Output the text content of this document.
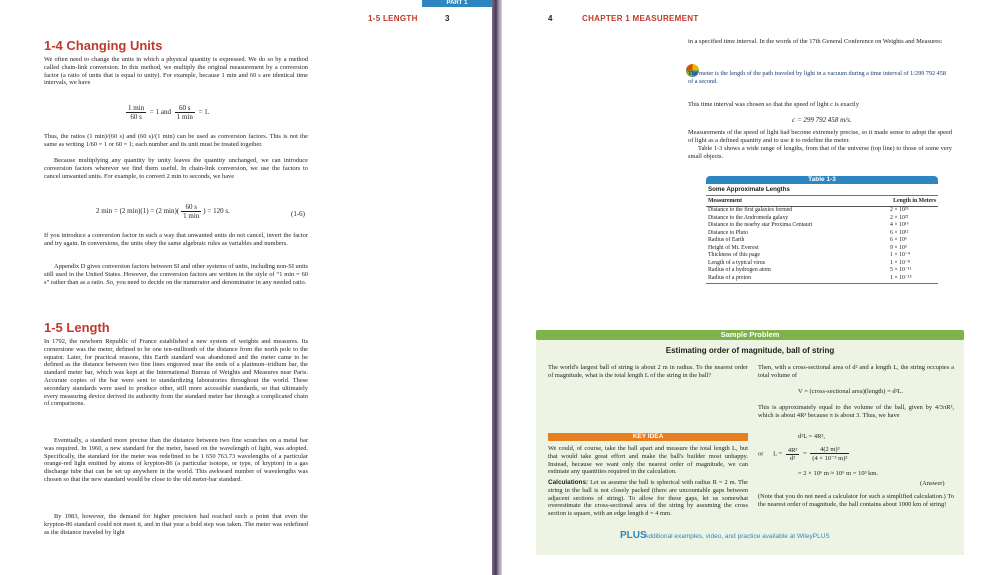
PART 1
1-5 LENGTH	3
1-4 Changing Units
We often need to change the units in which a physical quantity is expressed. We do so by a method called chain-link conversion. In this method, we multiply the original measurement by a conversion factor (a ratio of units that is equal to unity). For example, because 1 min and 60 s are identical time intervals, we have
$\frac{1 \min}{60 s} = 1$ and $\frac{60 s}{1 \min} = 1$.
Thus, the ratios (1 min)/(60 s) and (60 s)/(1 min) can be used as conversion factors. This is not the same as writing 1/60 = 1 or 60 = 1; each number and its unit must be treated together.
Because multiplying any quantity by unity leaves the quantity unchanged, we can introduce conversion factors wherever we find them useful. In chain-link conversion, we use the factors to cancel unwanted units. For example, to convert 2 min to seconds, we have
2 min = (2 min)(1) = (2 $\min)( \frac{60 s}{1 \min}$ ) = 120 s.	(1-6)
If you introduce a conversion factor in such a way that unwanted units do not cancel, invert the factor and try again. In conversions, the units obey the same algebraic rules as variables and numbers.
Appendix D gives conversion factors between SI and other systems of units, including non-SI units still used in the United States. However, the conversion factors are written in the style of “1 min = 60 s” rather than as a ratio. So, you need to decide on the numerator and denominator in any needed ratio.
1-5 Length
In 1792, the newborn Republic of France established a new system of weights and measures. Its cornerstone was the meter, defined to be one ten-millionth of the distance from the north pole to the equator. Later, for practical reasons, this Earth standard was abandoned and the meter came to be defined as the distance between two fine lines engraved near the ends of a platinum–iridium bar, the standard meter bar, which was kept at the International Bureau of Weights and Measures near Paris. Accurate copies of the bar were sent to standardizing laboratories throughout the world. These secondary standards were used to produce other, still more accessible standards, so that ultimately every measuring device derived its authority from the standard meter bar through a complicated chain of comparisons.
Eventually, a standard more precise than the distance between two fine scratches on a metal bar was required. In 1960, a new standard for the meter, based on the wavelength of light, was adopted. Specifically, the standard for the meter was redefined to be 1 650 763.73 wavelengths of a particular orange-red light emitted by atoms of krypton-86 (a particular isotope, or type, of krypton) in a gas discharge tube that can be set up anywhere in the world. This awkward number of wavelengths was chosen so that the new standard would be close to the old meter-bar standard.
By 1983, however, the demand for higher precision had reached such a point that even the krypton-86 standard could not meet it, and in that year a bold step was taken. The meter was redefined as the distance traveled by light
4	CHAPTER 1 MEASUREMENT
in a specified time interval. In the words of the 17th General Conference on Weights and Measures:
The meter is the length of the path traveled by light in a vacuum during a time interval of 1/299 792 458 of a second.
This time interval was chosen so that the speed of light c is exactly
c = 299 792 458 m/s.
Measurements of the speed of light had become extremely precise, so it made sense to adopt the speed of light as a defined quantity and to use it to redefine the meter.
Table 1-3 shows a wide range of lengths, from that of the universe (top line) to those of some very small objects.
Table 1-3
Some Approximate Lengths
Measurement	Length in Meters
Distance to the first galaxies formed	2 × 10²⁶
Distance to the Andromeda galaxy	2 × 10²²
Distance to the nearby star Proxima Centauri	4 × 10¹⁶
Distance to Pluto	6 × 10¹²
Radius of Earth	6 × 10⁶
Height of Mt. Everest	9 × 10³
Thickness of this page	1 × 10⁻⁴
Length of a typical virus	1 × 10⁻⁸
Radius of a hydrogen atom	5 × 10⁻¹¹
Radius of a proton	1 × 10⁻¹⁵
Sample Problem
Estimating order of magnitude, ball of string
The world's largest ball of string is about 2 m in radius. To the nearest order of magnitude, what is the total length L of the string in the ball?
KEY IDEA
We could, of course, take the ball apart and measure the total length L, but that would take great effort and make the ball's builder most unhappy. Instead, because we want only the nearest order of magnitude, we can estimate any quantities required in the calculation.
Calculations: Let us assume the ball is spherical with radius R = 2 m. The string in the ball is not closely packed (there are uncountable gaps between adjacent sections of string). To allow for these gaps, let us somewhat overestimate the cross-sectional area of the string by assuming the cross section is square, with an edge length d = 4 mm.
Then, with a cross-sectional area of d² and a length L, the string occupies a total volume of
V = (cross-sectional area)(length) = d²L.
This is approximately equal to the volume of the ball, given by 4/3πR³, which is about 4R³ because π is about 3. Thus, we have
d²L = 4R³,
or $L = \frac{\text{4R³}}{\text{d²}} = \frac{\text{4(2 m)³}}{\text{(4 × 10⁻³ m)²}}$
= 2 × 10⁶ m ≈ 10⁶ m = 10³ km.
(Answer)
(Note that you do not need a calculator for such a simplified calculation.) To the nearest order of magnitude, the ball contains about 1000 km of string!
PLUS
Additional examples, video, and practice available at WileyPLUS
